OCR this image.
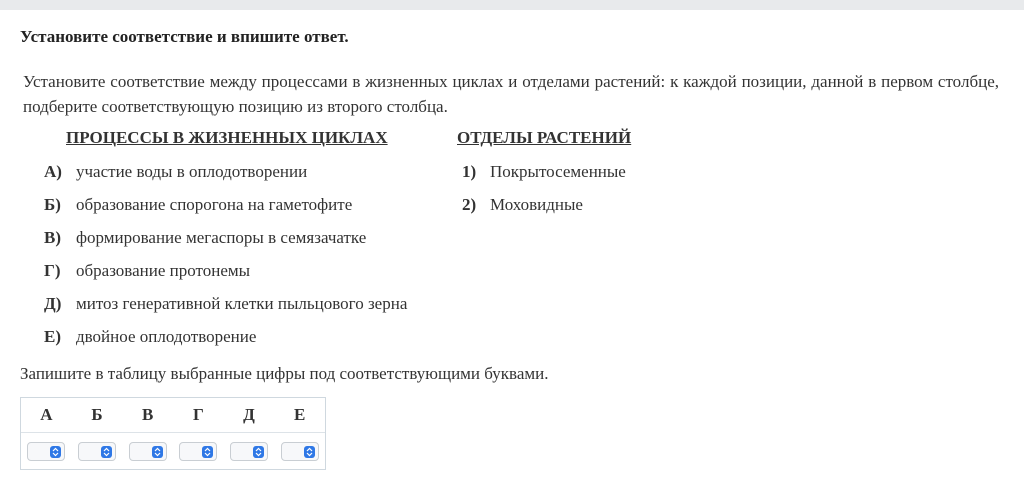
Установите соответствие и впишите ответ.
Установите соответствие между процессами в жизненных циклах и отделами растений: к каждой позиции, данной в первом столбце, подберите соответствующую позицию из второго столбца.
ПРОЦЕССЫ В ЖИЗНЕННЫХ ЦИКЛАХ	ОТДЕЛЫ РАСТЕНИЙ
А) участие воды в оплодотворении
Б) образование спорогона на гаметофите
В) формирование мегаспоры в семязачатке
Г) образование протонемы
Д) митоз генеративной клетки пыльцового зерна
Е) двойное оплодотворение
1) Покрытосеменные
2) Моховидные
Запишите в таблицу выбранные цифры под соответствующими буквами.
А Б В Г Д Е
